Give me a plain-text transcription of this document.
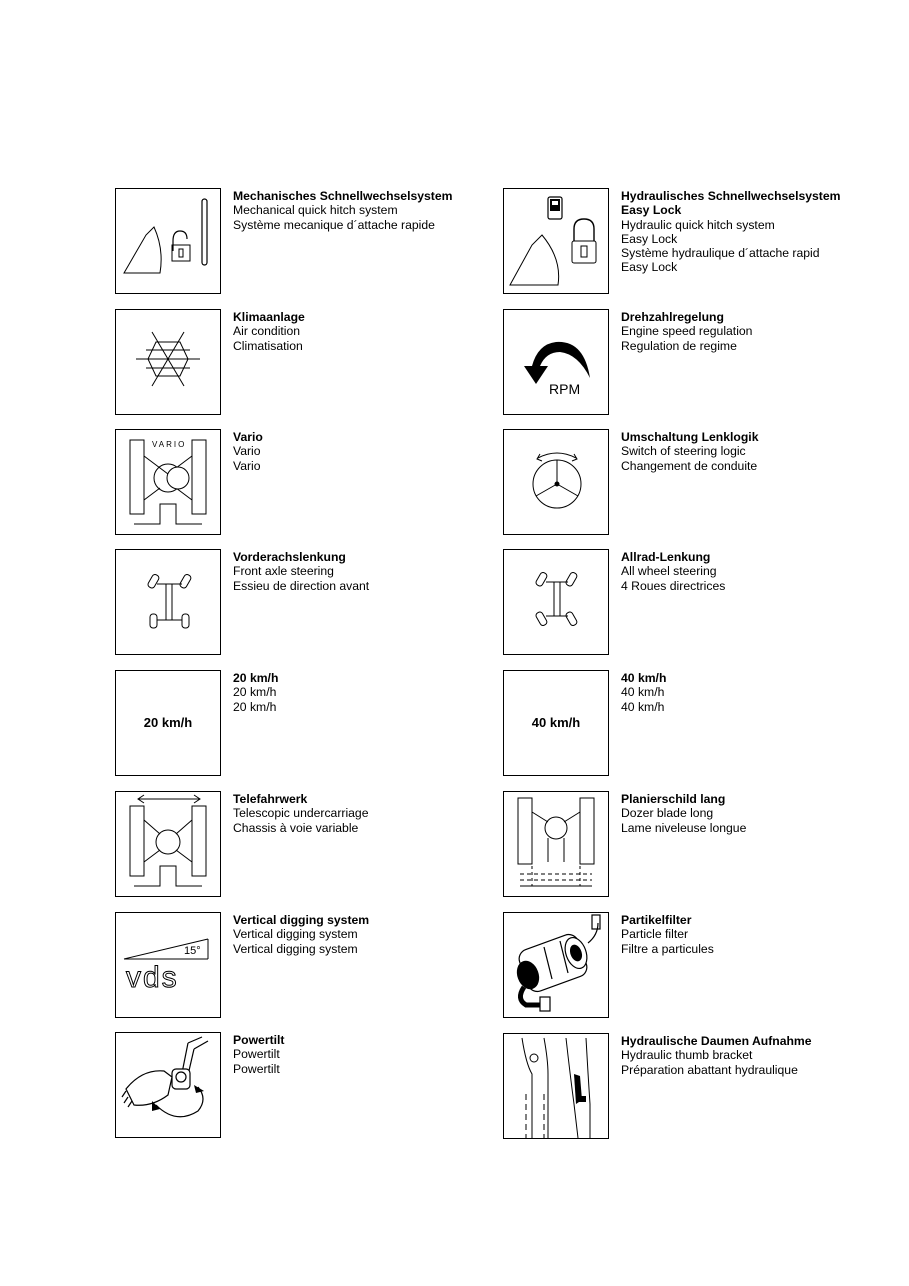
Mechanisches Schnellwechselsystem
Mechanical quick hitch system
Système mecanique d´attache rapide
Hydraulisches Schnellwechselsystem
Easy Lock
Hydraulic quick hitch system
Easy Lock
Système hydraulique d´attache rapid
Easy Lock
Klimaanlage
Air condition
Climatisation
RPM
Drehzahlregelung
Engine speed regulation
Regulation de regime
VARIO
Vario
Vario
Vario
Umschaltung Lenklogik
Switch of steering logic
Changement de conduite
Vorderachslenkung
Front axle steering
Essieu de direction avant
Allrad-Lenkung
All wheel steering
4 Roues directrices
20 km/h
20 km/h
20 km/h
20 km/h
40 km/h
40 km/h
40 km/h
40 km/h
Telefahrwerk
Telescopic undercarriage
Chassis à voie variable
Planierschild lang
Dozer blade long
Lame niveleuse longue
15°
vds
Vertical digging system
Vertical digging system
Vertical digging system
Partikelfilter
Particle filter
Filtre a particules
Powertilt
Powertilt
Powertilt
Hydraulische Daumen Aufnahme
Hydraulic thumb bracket
Préparation abattant hydraulique
